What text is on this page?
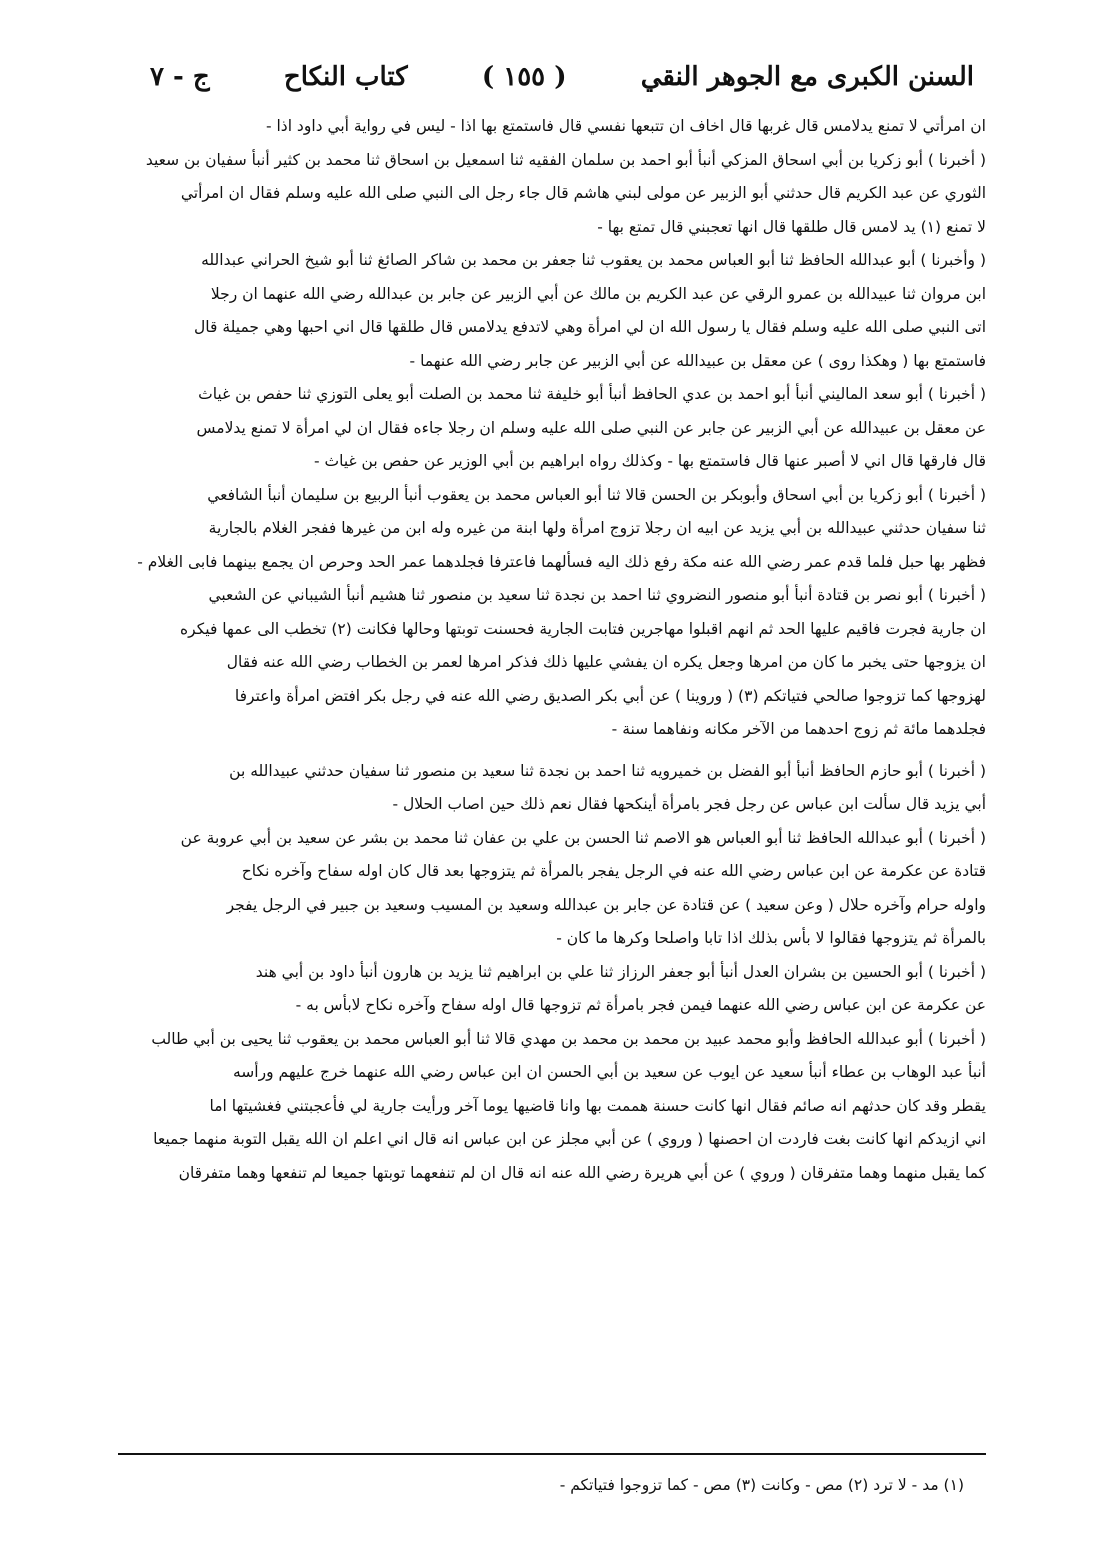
السنن الكبرى مع الجوهر النقي
( ١٥٥ )
كتاب النكاح
ج - ٧
ان امرأتي لا تمنع يدلامس قال غربها قال اخاف ان تتبعها نفسي قال فاستمتع بها اذا - ليس في رواية أبي داود اذا -
( أخبرنا ) أبو زكريا بن أبي اسحاق المزكي أنبأ أبو احمد بن سلمان الفقيه ثنا اسمعيل بن اسحاق ثنا محمد بن كثير أنبأ سفيان بن سعيد
الثوري عن عبد الكريم قال حدثني أبو الزبير عن مولى لبني هاشم قال جاء رجل الى النبي صلى الله عليه وسلم فقال ان امرأتي
لا تمنع (١) يد لامس قال طلقها قال انها تعجبني قال تمتع بها -
( وأخبرنا ) أبو عبدالله الحافظ ثنا أبو العباس محمد بن يعقوب ثنا جعفر بن محمد بن شاكر الصائغ ثنا أبو شيخ الحراني عبدالله
ابن مروان ثنا عبيدالله بن عمرو الرقي عن عبد الكريم بن مالك عن أبي الزبير عن جابر بن عبدالله رضي الله عنهما ان رجلا
اتى النبي صلى الله عليه وسلم فقال يا رسول الله ان لي امرأة وهي لاتدفع يدلامس قال طلقها قال اني احبها وهي جميلة قال
فاستمتع بها ( وهكذا روى ) عن معقل بن عبيدالله عن أبي الزبير عن جابر رضي الله عنهما -
( أخبرنا ) أبو سعد الماليني أنبأ أبو احمد بن عدي الحافظ أنبأ أبو خليفة ثنا محمد بن الصلت أبو يعلى التوزي ثنا حفص بن غياث
عن معقل بن عبيدالله عن أبي الزبير عن جابر عن النبي صلى الله عليه وسلم ان رجلا جاءه فقال ان لي امرأة لا تمنع يدلامس
قال فارقها قال اني لا أصبر عنها قال فاستمتع بها - وكذلك رواه ابراهيم بن أبي الوزير عن حفص بن غياث -
( أخبرنا ) أبو زكريا بن أبي اسحاق وأبوبكر بن الحسن قالا ثنا أبو العباس محمد بن يعقوب أنبأ الربيع بن سليمان أنبأ الشافعي
ثنا سفيان حدثني عبيدالله بن أبي يزيد عن ابيه ان رجلا تزوج امرأة ولها ابنة من غيره وله ابن من غيرها ففجر الغلام بالجارية
فظهر بها حبل فلما قدم عمر رضي الله عنه مكة رفع ذلك اليه فسألهما فاعترفا فجلدهما عمر الحد وحرص ان يجمع بينهما فابى الغلام -
( أخبرنا ) أبو نصر بن قتادة أنبأ أبو منصور النضروي ثنا احمد بن نجدة ثنا سعيد بن منصور ثنا هشيم أنبأ الشيباني عن الشعبي
ان جارية فجرت فاقيم عليها الحد ثم انهم اقبلوا مهاجرين فتابت الجارية فحسنت توبتها وحالها فكانت (٢) تخطب الى عمها فيكره
ان يزوجها حتى يخبر ما كان من امرها وجعل يكره ان يفشي عليها ذلك فذكر امرها لعمر بن الخطاب رضي الله عنه فقال
لهزوجها كما تزوجوا صالحي فتياتكم (٣) ( وروينا ) عن أبي بكر الصديق رضي الله عنه في رجل بكر افتض امرأة واعترفا
فجلدهما مائة ثم زوج احدهما من الآخر مكانه ونفاهما سنة -
( أخبرنا ) أبو حازم الحافظ أنبأ أبو الفضل بن خميرويه ثنا احمد بن نجدة ثنا سعيد بن منصور ثنا سفيان حدثني عبيدالله بن
أبي يزيد قال سألت ابن عباس عن رجل فجر بامرأة أينكحها فقال نعم ذلك حين اصاب الحلال -
( أخبرنا ) أبو عبدالله الحافظ ثنا أبو العباس هو الاصم ثنا الحسن بن علي بن عفان ثنا محمد بن بشر عن سعيد بن أبي عروبة عن
قتادة عن عكرمة عن ابن عباس رضي الله عنه في الرجل يفجر بالمرأة ثم يتزوجها بعد قال كان اوله سفاح وآخره نكاح
واوله حرام وآخره حلال ( وعن سعيد ) عن قتادة عن جابر بن عبدالله وسعيد بن المسيب وسعيد بن جبير في الرجل يفجر
بالمرأة ثم يتزوجها فقالوا لا بأس بذلك اذا تابا واصلحا وكرها ما كان -
( أخبرنا ) أبو الحسين بن بشران العدل أنبأ أبو جعفر الرزاز ثنا علي بن ابراهيم ثنا يزيد بن هارون أنبأ داود بن أبي هند
عن عكرمة عن ابن عباس رضي الله عنهما فيمن فجر بامرأة ثم تزوجها قال اوله سفاح وآخره نكاح لابأس به -
( أخبرنا ) أبو عبدالله الحافظ وأبو محمد عبيد بن محمد بن محمد بن مهدي قالا ثنا أبو العباس محمد بن يعقوب ثنا يحيى بن أبي طالب
أنبأ عبد الوهاب بن عطاء أنبأ سعيد عن ايوب عن سعيد بن أبي الحسن ان ابن عباس رضي الله عنهما خرج عليهم ورأسه
يقطر وقد كان حدثهم انه صائم فقال انها كانت حسنة هممت بها وانا قاضيها يوما آخر ورأيت جارية لي فأعجبتني فغشيتها اما
اني ازيدكم انها كانت بغت فاردت ان احصنها ( وروي ) عن أبي مجلز عن ابن عباس انه قال اني اعلم ان الله يقبل التوبة منهما جميعا
كما يقبل منهما وهما متفرقان ( وروي ) عن أبي هريرة رضي الله عنه انه قال ان لم تنفعهما توبتها جميعا لم تنفعها وهما متفرقان
(١) مد - لا ترد (٢) مص - وكانت (٣) مص - كما تزوجوا فتياتكم -
